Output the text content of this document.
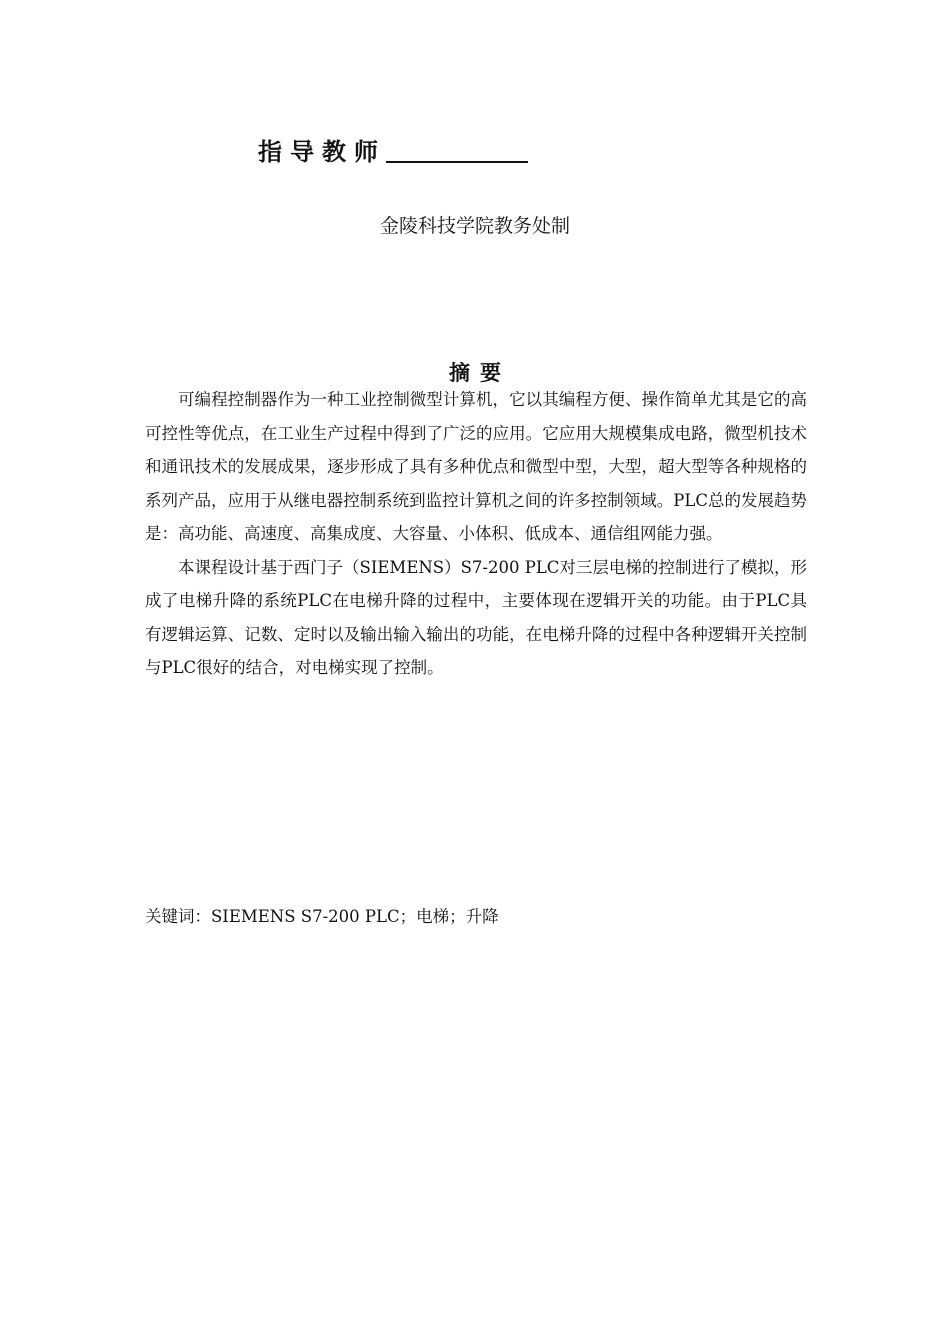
指导教师
金陵科技学院教务处制
摘要

可编程控制器作为一种工业控制微型计算机，它以其编程方便、操作简单尤其是它的高可控性等优点，在工业生产过程中得到了广泛的应用。它应用大规模集成电路，微型机技术和通讯技术的发展成果，逐步形成了具有多种优点和微型中型，大型，超大型等各种规格的系列产品，应用于从继电器控制系统到监控计算机之间的许多控制领域。PLC总的发展趋势是：高功能、高速度、高集成度、大容量、小体积、低成本、通信组网能力强。

本课程设计基于西门子（SIEMENS）S7-200 PLC对三层电梯的控制进行了模拟，形成了电梯升降的系统PLC在电梯升降的过程中，主要体现在逻辑开关的功能。由于PLC具有逻辑运算、记数、定时以及输出输入输出的功能，在电梯升降的过程中各种逻辑开关控制与PLC很好的结合，对电梯实现了控制。

关键词：SIEMENS S7-200 PLC；电梯；升降
